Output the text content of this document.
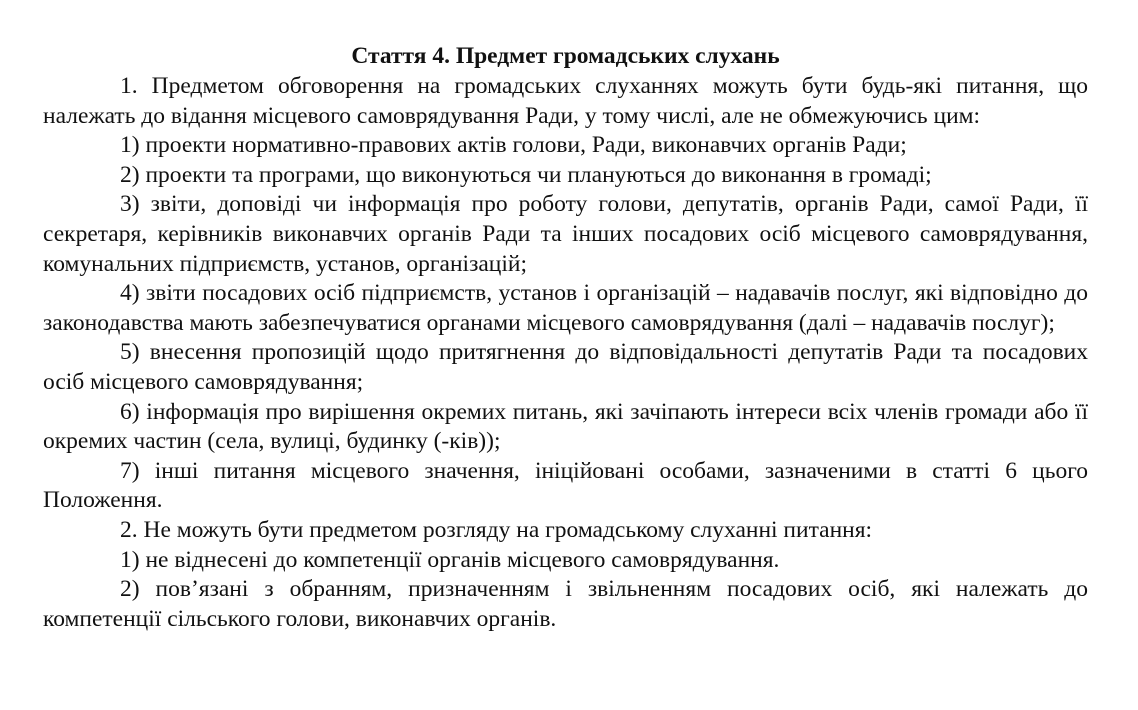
Стаття 4. Предмет громадських слухань

1. Предметом обговорення на громадських слуханнях можуть бути будь-які питання, що належать до відання місцевого самоврядування Ради, у тому числі, але не обмежуючись цим:

1) проекти нормативно-правових актів голови, Ради, виконавчих органів Ради;

2) проекти та програми, що виконуються чи плануються до виконання в громаді;

3) звіти, доповіді чи інформація про роботу голови, депутатів, органів Ради, самої Ради, її секретаря, керівників виконавчих органів Ради та інших посадових осіб місцевого самоврядування, комунальних підприємств, установ, організацій;

4) звіти посадових осіб підприємств, установ і організацій – надавачів послуг, які відповідно до законодавства мають забезпечуватися органами місцевого самоврядування (далі – надавачів послуг);

5) внесення пропозицій щодо притягнення до відповідальності депутатів Ради та посадових осіб місцевого самоврядування;

6) інформація про вирішення окремих питань, які зачіпають інтереси всіх членів громади або її окремих частин (села, вулиці, будинку (-ків));

7) інші питання місцевого значення, ініційовані особами, зазначеними в статті 6 цього Положення.

2. Не можуть бути предметом розгляду на громадському слуханні питання:

1) не віднесені до компетенції органів місцевого самоврядування.

2) пов’язані з обранням, призначенням і звільненням посадових осіб, які належать до компетенції сільського голови, виконавчих органів.
